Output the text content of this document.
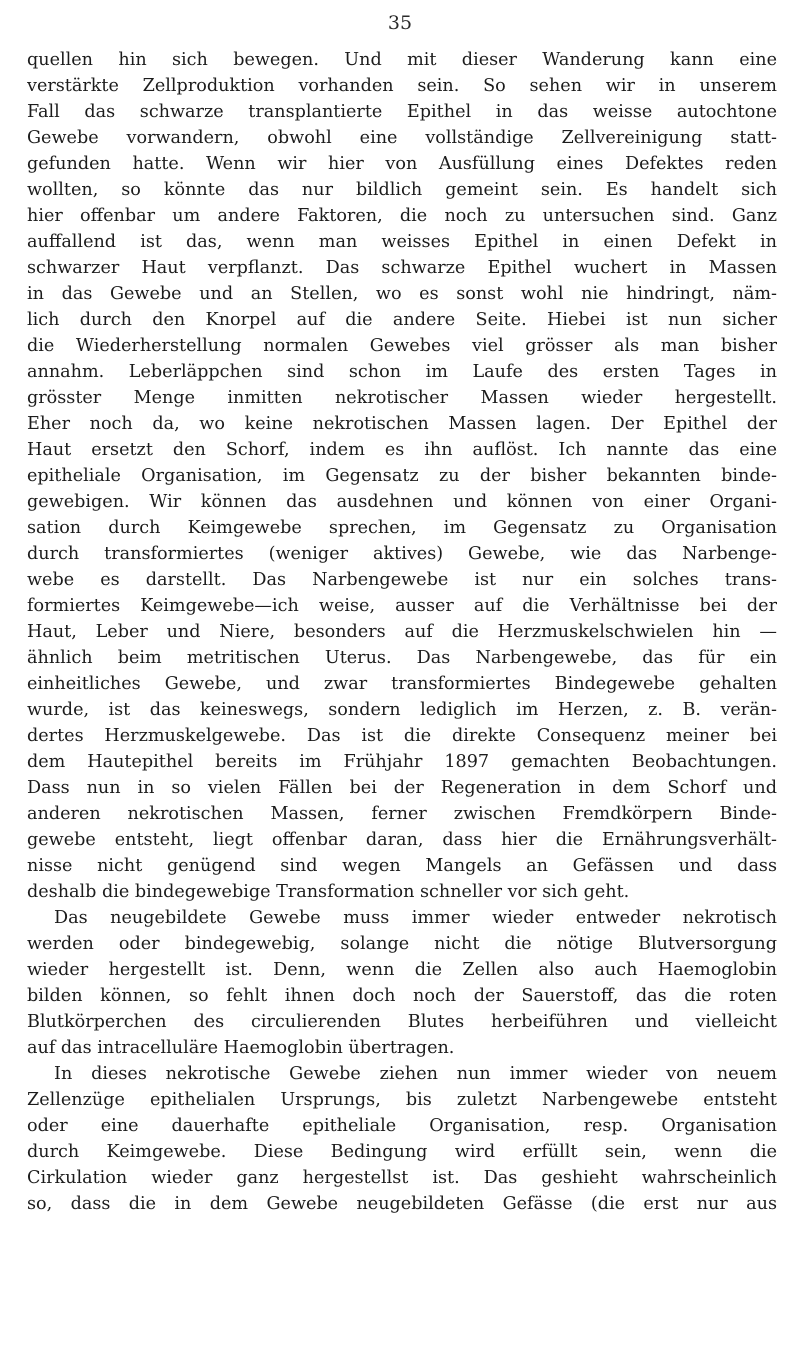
35
quellen hin sich bewegen. Und mit dieser Wanderung kann eine
verstärkte Zellproduktion vorhanden sein. So sehen wir in unserem
Fall das schwarze transplantierte Epithel in das weisse autochtone
Gewebe vorwandern, obwohl eine vollständige Zellvereinigung statt-
gefunden hatte. Wenn wir hier von Ausfüllung eines Defektes reden
wollten, so könnte das nur bildlich gemeint sein. Es handelt sich
hier offenbar um andere Faktoren, die noch zu untersuchen sind. Ganz
auffallend ist das, wenn man weisses Epithel in einen Defekt in
schwarzer Haut verpflanzt. Das schwarze Epithel wuchert in Massen
in das Gewebe und an Stellen, wo es sonst wohl nie hindringt, näm-
lich durch den Knorpel auf die andere Seite. Hiebei ist nun sicher
die Wiederherstellung normalen Gewebes viel grösser als man bisher
annahm. Leberläppchen sind schon im Laufe des ersten Tages in
grösster Menge inmitten nekrotischer Massen wieder hergestellt.
Eher noch da, wo keine nekrotischen Massen lagen. Der Epithel der
Haut ersetzt den Schorf, indem es ihn auflöst. Ich nannte das eine
epitheliale Organisation, im Gegensatz zu der bisher bekannten binde-
gewebigen. Wir können das ausdehnen und können von einer Organi-
sation durch Keimgewebe sprechen, im Gegensatz zu Organisation
durch transformiertes (weniger aktives) Gewebe, wie das Narbenge-
webe es darstellt. Das Narbengewebe ist nur ein solches trans-
formiertes Keimgewebe—ich weise, ausser auf die Verhältnisse bei der
Haut, Leber und Niere, besonders auf die Herzmuskelschwielen hin —
ähnlich beim metritischen Uterus. Das Narbengewebe, das für ein
einheitliches Gewebe, und zwar transformiertes Bindegewebe gehalten
wurde, ist das keineswegs, sondern lediglich im Herzen, z. B. verän-
dertes Herzmuskelgewebe. Das ist die direkte Consequenz meiner bei
dem Hautepithel bereits im Frühjahr 1897 gemachten Beobachtungen.
Dass nun in so vielen Fällen bei der Regeneration in dem Schorf und
anderen nekrotischen Massen, ferner zwischen Fremdkörpern Binde-
gewebe entsteht, liegt offenbar daran, dass hier die Ernährungsverhält-
nisse nicht genügend sind wegen Mangels an Gefässen und dass
deshalb die bindegewebige Transformation schneller vor sich geht.
Das neugebildete Gewebe muss immer wieder entweder nekrotisch
werden oder bindegewebig, solange nicht die nötige Blutversorgung
wieder hergestellt ist. Denn, wenn die Zellen also auch Haemoglobin
bilden können, so fehlt ihnen doch noch der Sauerstoff, das die roten
Blutkörperchen des circulierenden Blutes herbeiführen und vielleicht
auf das intracelluläre Haemoglobin übertragen.
In dieses nekrotische Gewebe ziehen nun immer wieder von neuem
Zellenzüge epithelialen Ursprungs, bis zuletzt Narbengewebe entsteht
oder eine dauerhafte epitheliale Organisation, resp. Organisation
durch Keimgewebe. Diese Bedingung wird erfüllt sein, wenn die
Cirkulation wieder ganz hergestellst ist. Das geshieht wahrscheinlich
so, dass die in dem Gewebe neugebildeten Gefässe (die erst nur aus
